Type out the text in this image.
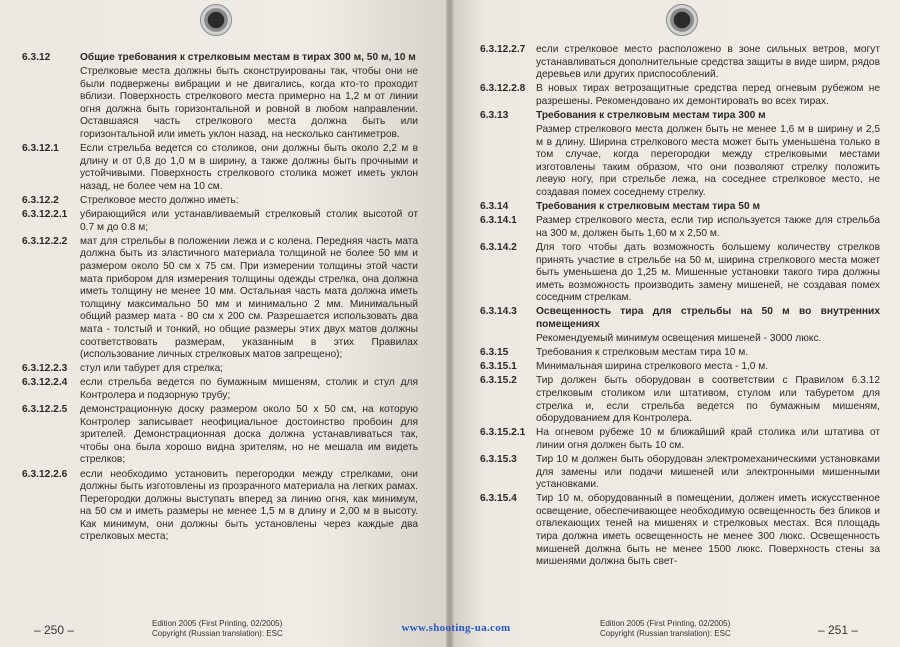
6.3.12	Общие требования к стрелковым местам в тирах 300 м, 50 м, 10 м
Стрелковые места должны быть сконструированы так, чтобы они не были подвержены вибрации и не двигались, когда кто-то проходит вблизи. Поверхность стрелкового места примерно на 1,2 м от линии огня должна быть горизонтальной и ровной в любом направлении. Оставшаяся часть стрелкового места должна быть или горизонтальной или иметь уклон назад, на несколько сантиметров.
6.3.12.1	Если стрельба ведется со столиков, они должны быть около 2,2 м в длину и от 0,8 до 1,0 м в ширину, а также должны быть прочными и устойчивыми. Поверхность стрелкового столика может иметь уклон назад, не более чем на 10 см.
6.3.12.2	Стрелковое место должно иметь:
6.3.12.2.1	убирающийся или устанавливаемый стрелковый столик высотой от 0.7 м до 0.8 м;
6.3.12.2.2	мат для стрельбы в положении лежа и с колена. Передняя часть мата должна быть из эластичного материала толщиной не более 50 мм и размером около 50 см х 75 см. При измерении толщины этой части мата прибором для измерения толщины одежды стрелка, она должна иметь толщину не менее 10 мм. Остальная часть мата должна иметь толщину максимально 50 мм и минимально 2 мм. Минимальный общий размер мата - 80 см х 200 см. Разрешается использовать два мата - толстый и тонкий, но общие размеры этих двух матов должны соответствовать размерам, указанным в этих Правилах (использование личных стрелковых матов запрещено);
6.3.12.2.3	стул или табурет для стрелка;
6.3.12.2.4	если стрельба ведется по бумажным мишеням, столик и стул для Контролера и подзорную трубу;
6.3.12.2.5	демонстрационную доску размером около 50 х 50 см, на которую Контролер записывает неофициальное достоинство пробоин для зрителей. Демонстрационная доска должна устанавливаться так, чтобы она была хорошо видна зрителям, но не мешала им видеть стрелков;
6.3.12.2.6	если необходимо установить перегородки между стрелками, они должны быть изготовлены из прозрачного материала на легких рамах. Перегородки должны выступать вперед за линию огня, как минимум, на 50 см и иметь размеры не менее 1,5 м в длину и 2,00 м в высоту. Как минимум, они должны быть установлены через каждые два стрелковых места;
– 250 –	Edition 2005 (First Printing, 02/2005)
Copyright (Russian translation): ESC
6.3.12.2.7	если стрелковое место расположено в зоне сильных ветров, могут устанавливаться дополнительные средства защиты в виде ширм, рядов деревьев или других приспособлений.
6.3.12.2.8	В новых тирах ветрозащитные средства перед огневым рубежом не разрешены. Рекомендовано их демонтировать во всех тирах.
6.3.13	Требования к стрелковым местам тира 300 м
Размер стрелкового места должен быть не менее 1,6 м в ширину и 2,5 м в длину. Ширина стрелкового места может быть уменьшена только в том случае, когда перегородки между стрелковыми местами изготовлены таким образом, что они позволяют стрелку положить левую ногу, при стрельбе лежа, на соседнее стрелковое место, не создавая помех соседнему стрелку.
6.3.14	Требования к стрелковым местам тира 50 м
6.3.14.1	Размер стрелкового места, если тир используется также для стрельба на 300 м, должен быть 1,60 м х 2,50 м.
6.3.14.2	Для того чтобы дать возможность большему количеству стрелков принять участие в стрельбе на 50 м, ширина стрелкового места может быть уменьшена до 1,25 м. Мишенные установки такого тира должны иметь возможность производить замену мишеней, не создавая помех соседним стрелкам.
6.3.14.3	Освещенность тира для стрельбы на 50 м во внутренних помещениях
Рекомендуемый минимум освещения мишеней - 3000 люкс.
6.3.15	Требования к стрелковым местам тира 10 м.
6.3.15.1	Минимальная ширина стрелкового места - 1,0 м.
6.3.15.2	Тир должен быть оборудован в соответствии с Правилом 6.3.12 стрелковым столиком или штативом, стулом или табуретом для стрелка и, если стрельба ведется по бумажным мишеням, оборудованием для Контролера.
6.3.15.2.1	На огневом рубеже 10 м ближайший край столика или штатива от линии огня должен быть 10 см.
6.3.15.3	Тир 10 м должен быть оборудован электромеханическими установками для замены или подачи мишеней или электронными мишенными установками.
6.3.15.4	Тир 10 м, оборудованный в помещении, должен иметь искусственное освещение, обеспечивающее необходимую освещенность без бликов и отвлекающих теней на мишенях и стрелковых местах. Вся площадь тира должна иметь освещенность не менее 300 люкс. Освещенность мишеней должна быть не менее 1500 люкс. Поверхность стены за мишенями должна быть свет-
– 251 –
Edition 2005 (First Printing, 02/2005)
Copyright (Russian translation): ESC
www.shooting-ua.com
